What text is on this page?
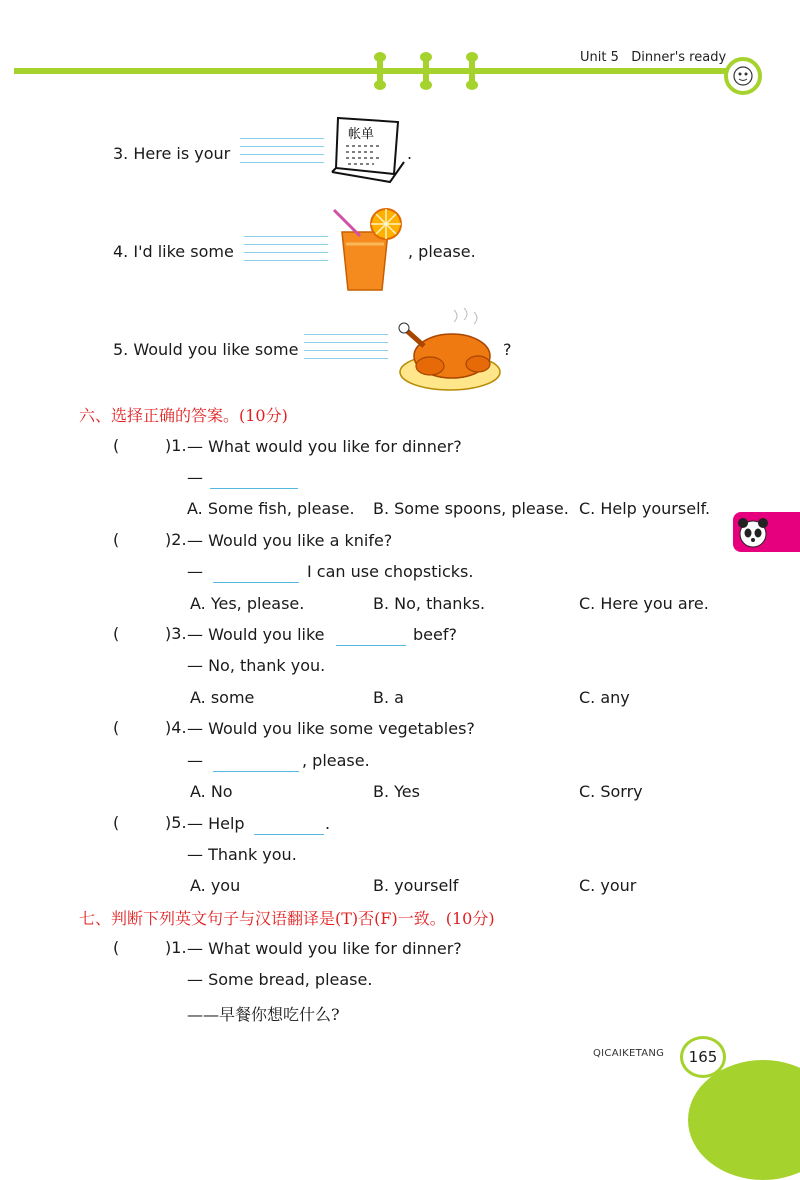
Unit 5   Dinner's ready
3. Here is your
帐单
.
4. I'd like some	, please.
5. Would you like some	?
六、选择正确的答案。(10分)
(         )1. — What would you like for dinner?
—
A. Some fish, please. B. Some spoons, please. C. Help yourself.
(         )2. — Would you like a knife?
—	I can use chopsticks.
A. Yes, please.	B. No, thanks.	C. Here you are.
(         )3. — Would you like	beef?
— No, thank you.
A. some	B. a	C. any
(         )4. — Would you like some vegetables?
—	, please.
A. No	B. Yes	C. Sorry
(         )5. — Help	.
— Thank you.
A. you	B. yourself	C. your
七、判断下列英文句子与汉语翻译是(T)否(F)一致。(10分)
(         )1. — What would you like for dinner?
— Some bread, please.
——早餐你想吃什么?
QICAIKETANG	165
